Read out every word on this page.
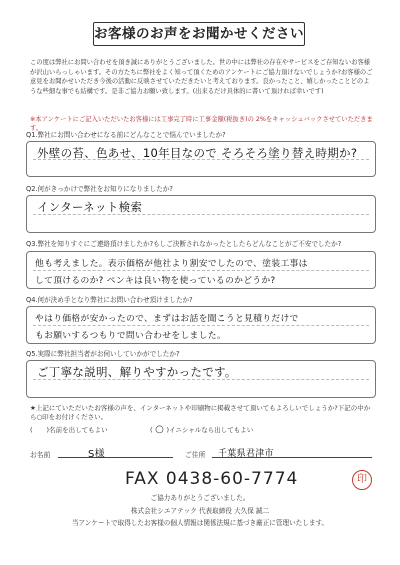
お客様のお声をお聞かせください
この度は弊社にお問い合わせを頂き誠にありがとうございました。世の中には弊社の存在やサービスをご存知ないお客様が沢山いらっしゃいます。その方たちに弊社をよく知って頂くためのアンケートにご協力頂けないでしょうか?お客様のご意見をお聞かせいただき今後の活動に反映させていただきたいと考えております。良かったこと、嬉しかったことどのような些細な事でも結構です。是非ご協力お願い致します。(出来るだけ具体的に書いて頂ければ幸いです)
※本アンケートにご記入いただいたお客様には工事完了時に工事金額(税抜き)の 2%をキャッシュバックさせていただきます。
Q1.弊社にお問い合わせになる前にどんなことで悩んでいましたか?
外壁の苔、色あせ、10年目なので そろそろ塗り替え時期か?
Q2.何がきっかけで弊社をお知りになりましたか?
インターネット検索
Q3.弊社を知りすぐにご連絡頂けましたか?もしご決断されなかったとしたらどんなことがご不安でしたか?
他も考えました。表示価格が他社より割安でしたので、塗装工事は
して頂けるのか? ペンキは良い物を使っているのかどうか?
Q4.何が決め手となり弊社にお問い合わせ頂けましたか?
やはり価格が安かったので、まずはお話を聞こうと見積りだけで
もお願いするつもりで問い合わせをしました。
Q5.実際に弊社担当者がお伺いしていかがでしたか?
ご丁寧な説明、解りやすかったです。
★上記にていただいたお客様の声を、インターネットや印刷物に掲載させて頂いてもよろしいでしょうか?下記の中から○印をお付けください。
( )名前を出してもよい	( ○ )イニシャルなら出してもよい
お名前	S様	ご住所 千葉県君津市
FAX 0438-60-7774	印
ご協力ありがとうございました。
株式会社シエアテック 代表取締役 大久保 誠二
当アンケートで取得したお客様の個人情報は関係法規に基づき厳正に管理いたします。
